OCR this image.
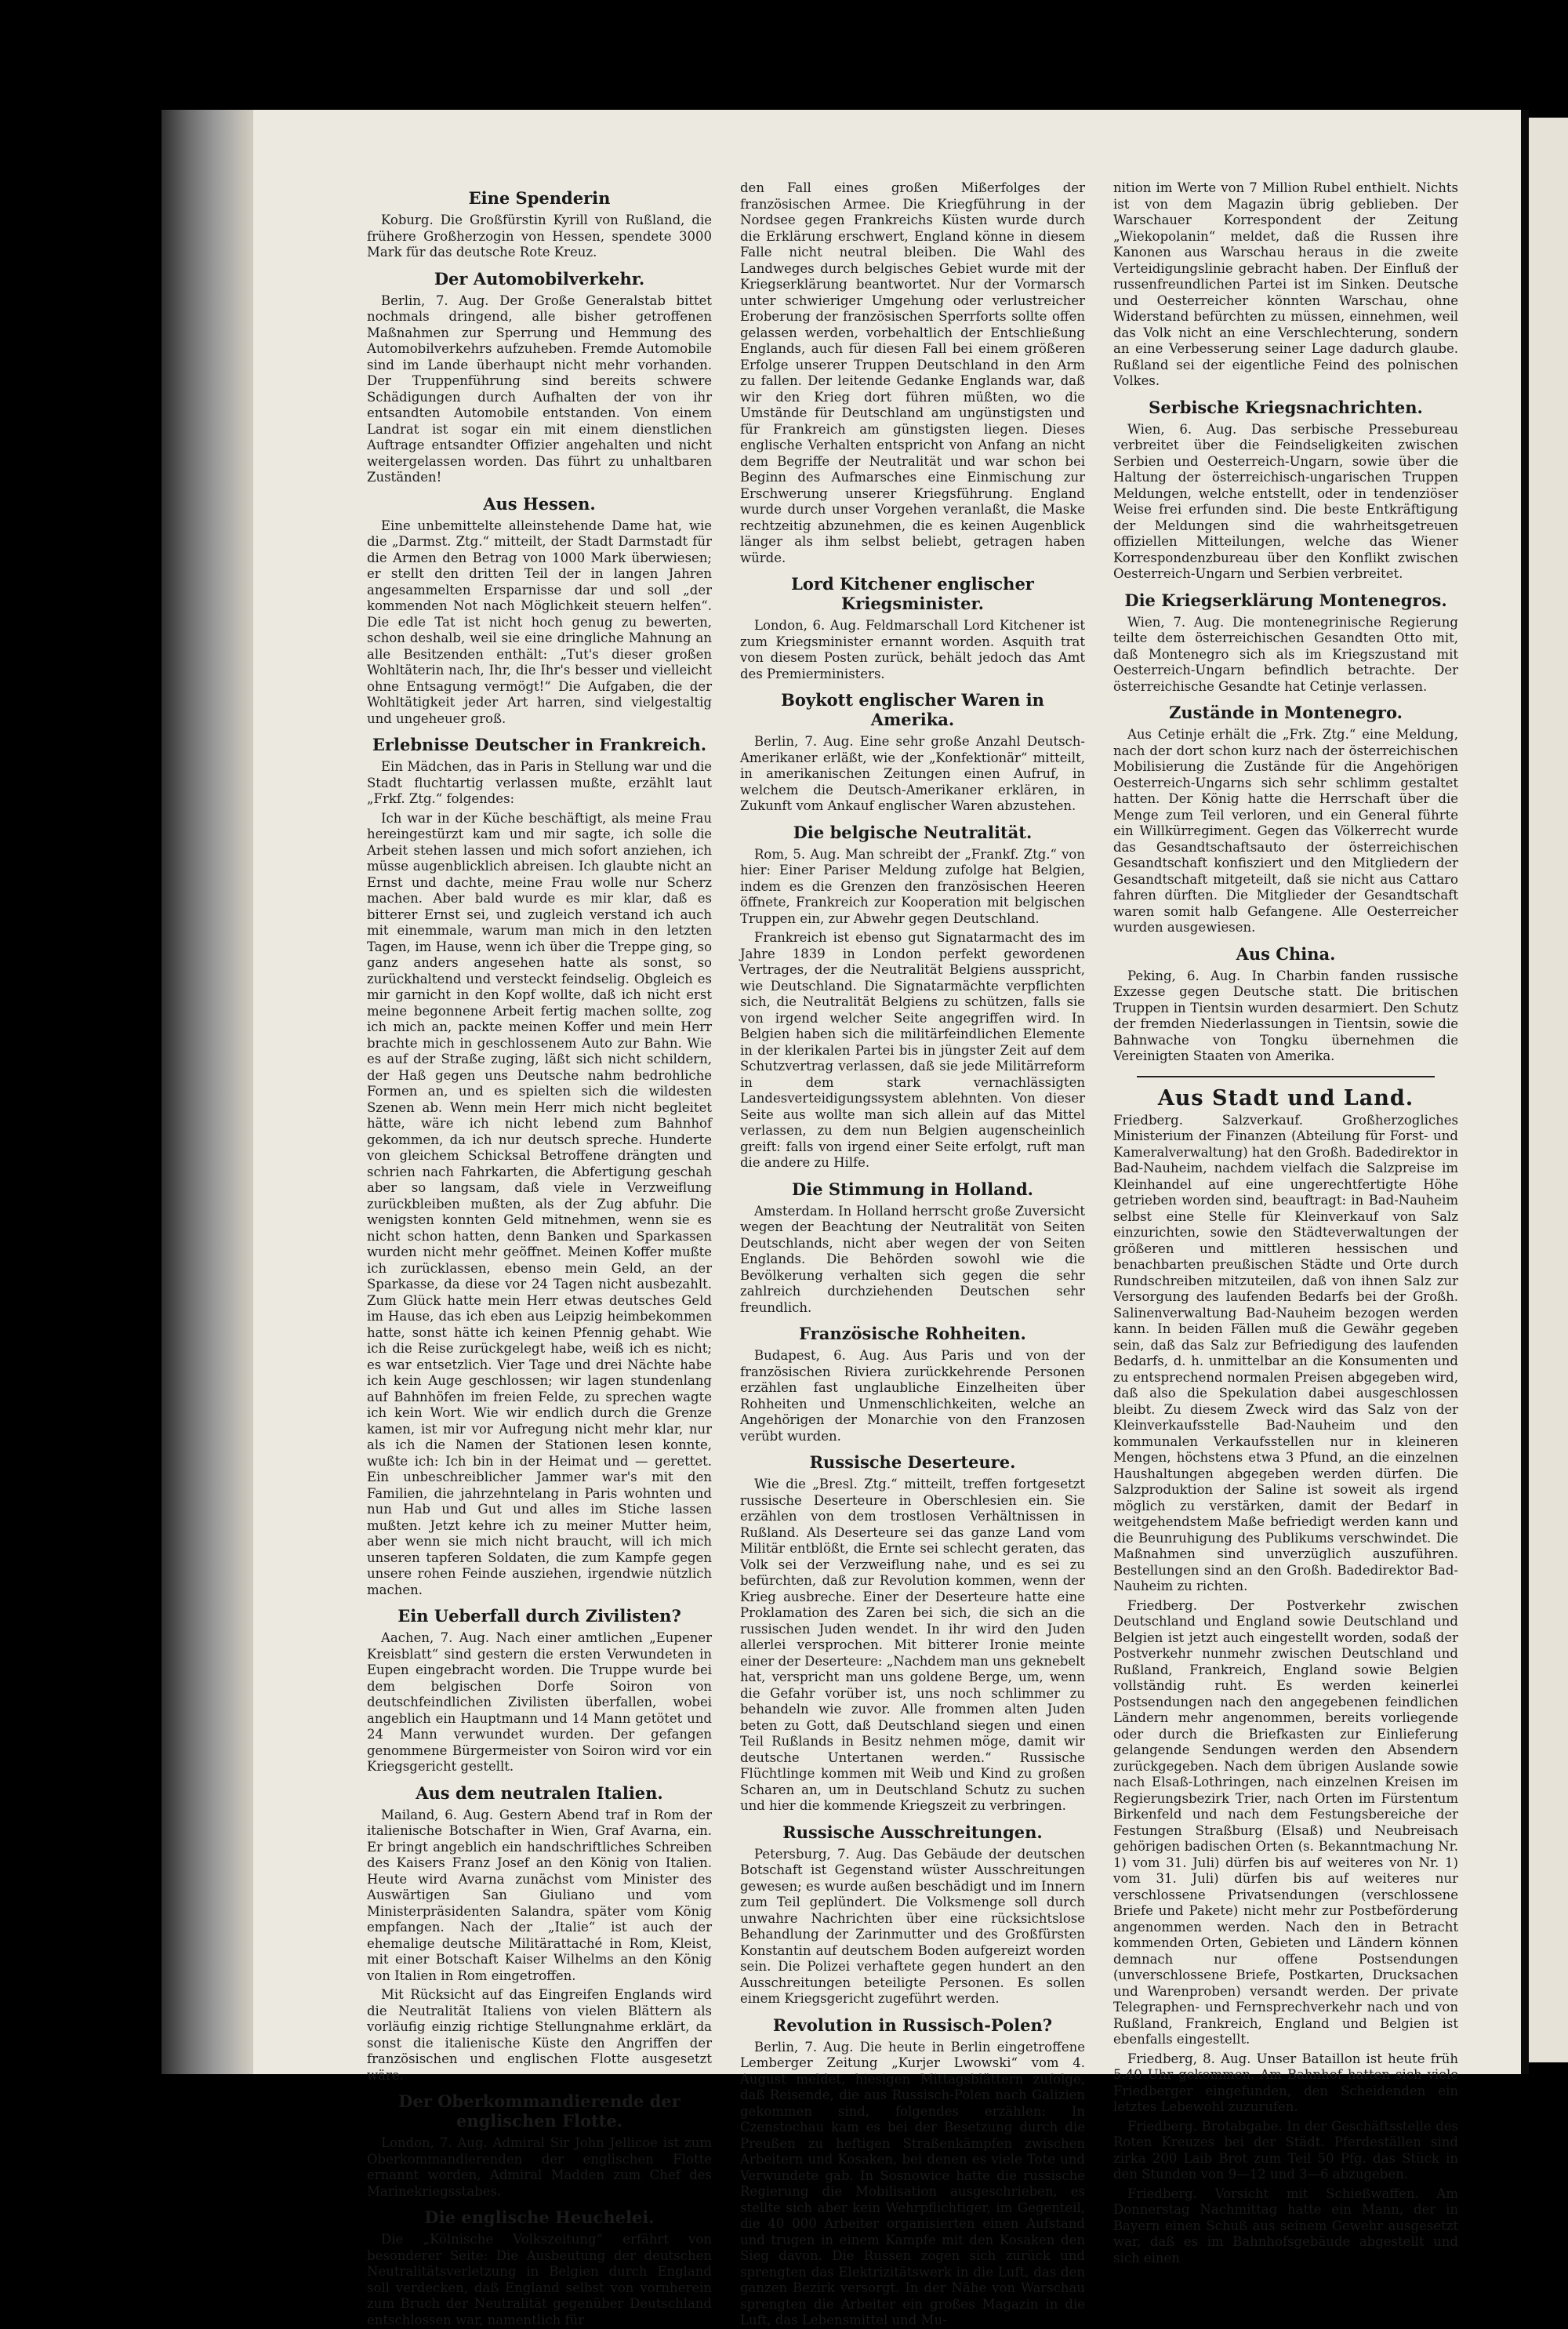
Eine Spenderin

Koburg. Die Großfürstin Kyrill von Rußland, die frühere Großherzogin von Hessen, spendete 3000 Mark für das deutsche Rote Kreuz.

Der Automobilverkehr.

Berlin, 7. Aug. Der Große Generalstab bittet nochmals dringend, alle bisher getroffenen Maßnahmen zur Sperrung und Hemmung des Automobilverkehrs aufzuheben. Fremde Automobile sind im Lande überhaupt nicht mehr vorhanden. Der Truppenführung sind bereits schwere Schädigungen durch Aufhalten der von ihr entsandten Automobile entstanden. Von einem Landrat ist sogar ein mit einem dienstlichen Auftrage entsandter Offizier angehalten und nicht weitergelassen worden. Das führt zu unhaltbaren Zuständen!

Aus Hessen.

Eine unbemittelte alleinstehende Dame hat, wie die „Darmst. Ztg.“ mitteilt, der Stadt Darmstadt für die Armen den Betrag von 1000 Mark überwiesen; er stellt den dritten Teil der in langen Jahren angesammelten Ersparnisse dar und soll „der kommenden Not nach Möglichkeit steuern helfen“. Die edle Tat ist nicht hoch genug zu bewerten, schon deshalb, weil sie eine dringliche Mahnung an alle Besitzenden enthält: „Tut's dieser großen Wohltäterin nach, Ihr, die Ihr's besser und vielleicht ohne Entsagung vermögt!“ Die Aufgaben, die der Wohltätigkeit jeder Art harren, sind vielgestaltig und ungeheuer groß.

Erlebnisse Deutscher in Frankreich.

Ein Mädchen, das in Paris in Stellung war und die Stadt fluchtartig verlassen mußte, erzählt laut „Frkf. Ztg.“ folgendes:

Ich war in der Küche beschäftigt, als meine Frau hereingestürzt kam und mir sagte, ich solle die Arbeit stehen lassen und mich sofort anziehen, ich müsse augenblicklich abreisen. Ich glaubte nicht an Ernst und dachte, meine Frau wolle nur Scherz machen. Aber bald wurde es mir klar, daß es bitterer Ernst sei, und zugleich verstand ich auch mit einemmale, warum man mich in den letzten Tagen, im Hause, wenn ich über die Treppe ging, so ganz anders angesehen hatte als sonst, so zurückhaltend und versteckt feindselig. Obgleich es mir garnicht in den Kopf wollte, daß ich nicht erst meine begonnene Arbeit fertig machen sollte, zog ich mich an, packte meinen Koffer und mein Herr brachte mich in geschlossenem Auto zur Bahn. Wie es auf der Straße zuging, läßt sich nicht schildern, der Haß gegen uns Deutsche nahm bedrohliche Formen an, und es spielten sich die wildesten Szenen ab. Wenn mein Herr mich nicht begleitet hätte, wäre ich nicht lebend zum Bahnhof gekommen, da ich nur deutsch spreche. Hunderte von gleichem Schicksal Betroffene drängten und schrien nach Fahrkarten, die Abfertigung geschah aber so langsam, daß viele in Verzweiflung zurückbleiben mußten, als der Zug abfuhr. Die wenigsten konnten Geld mitnehmen, wenn sie es nicht schon hatten, denn Banken und Sparkassen wurden nicht mehr geöffnet. Meinen Koffer mußte ich zurücklassen, ebenso mein Geld, an der Sparkasse, da diese vor 24 Tagen nicht ausbezahlt. Zum Glück hatte mein Herr etwas deutsches Geld im Hause, das ich eben aus Leipzig heimbekommen hatte, sonst hätte ich keinen Pfennig gehabt. Wie ich die Reise zurückgelegt habe, weiß ich es nicht; es war entsetzlich. Vier Tage und drei Nächte habe ich kein Auge geschlossen; wir lagen stundenlang auf Bahnhöfen im freien Felde, zu sprechen wagte ich kein Wort. Wie wir endlich durch die Grenze kamen, ist mir vor Aufregung nicht mehr klar, nur als ich die Namen der Stationen lesen konnte, wußte ich: Ich bin in der Heimat und — gerettet. Ein unbeschreiblicher Jammer war's mit den Familien, die jahrzehntelang in Paris wohnten und nun Hab und Gut und alles im Stiche lassen mußten. Jetzt kehre ich zu meiner Mutter heim, aber wenn sie mich nicht braucht, will ich mich unseren tapferen Soldaten, die zum Kampfe gegen unsere rohen Feinde ausziehen, irgendwie nützlich machen.

Ein Ueberfall durch Zivilisten?

Aachen, 7. Aug. Nach einer amtlichen „Eupener Kreisblatt“ sind gestern die ersten Verwundeten in Eupen eingebracht worden. Die Truppe wurde bei dem belgischen Dorfe Soiron von deutschfeindlichen Zivilisten überfallen, wobei angeblich ein Hauptmann und 14 Mann getötet und 24 Mann verwundet wurden. Der gefangen genommene Bürgermeister von Soiron wird vor ein Kriegsgericht gestellt.

Aus dem neutralen Italien.

Mailand, 6. Aug. Gestern Abend traf in Rom der italienische Botschafter in Wien, Graf Avarna, ein. Er bringt angeblich ein handschriftliches Schreiben des Kaisers Franz Josef an den König von Italien. Heute wird Avarna zunächst vom Minister des Auswärtigen San Giuliano und vom Ministerpräsidenten Salandra, später vom König empfangen. Nach der „Italie“ ist auch der ehemalige deutsche Militärattaché in Rom, Kleist, mit einer Botschaft Kaiser Wilhelms an den König von Italien in Rom eingetroffen.

Mit Rücksicht auf das Eingreifen Englands wird die Neutralität Italiens von vielen Blättern als vorläufig einzig richtige Stellungnahme erklärt, da sonst die italienische Küste den Angriffen der französischen und englischen Flotte ausgesetzt wäre.

Der Oberkommandierende der englischen Flotte.

London, 7. Aug. Admiral Sir John Jellicoe ist zum Oberkommandierenden der englischen Flotte ernannt worden, Admiral Madden zum Chef des Marinekriegsstabes.

Die englische Heuchelei.

Die „Kölnische Volkszeitung“ erfährt von besonderer Seite: Die Ausbeutung der deutschen Neutralitätsverletzung in Belgien durch England soll verdecken, daß England selbst von vornherein zum Bruch der Neutralität gegenüber Deutschland entschlossen war, namentlich für

den Fall eines großen Mißerfolges der französischen Armee. Die Kriegführung in der Nordsee gegen Frankreichs Küsten wurde durch die Erklärung erschwert, England könne in diesem Falle nicht neutral bleiben. Die Wahl des Landweges durch belgisches Gebiet wurde mit der Kriegserklärung beantwortet. Nur der Vormarsch unter schwieriger Umgehung oder verlustreicher Eroberung der französischen Sperrforts sollte offen gelassen werden, vorbehaltlich der Entschließung Englands, auch für diesen Fall bei einem größeren Erfolge unserer Truppen Deutschland in den Arm zu fallen. Der leitende Gedanke Englands war, daß wir den Krieg dort führen müßten, wo die Umstände für Deutschland am ungünstigsten und für Frankreich am günstigsten liegen. Dieses englische Verhalten entspricht von Anfang an nicht dem Begriffe der Neutralität und war schon bei Beginn des Aufmarsches eine Einmischung zur Erschwerung unserer Kriegsführung. England wurde durch unser Vorgehen veranlaßt, die Maske rechtzeitig abzunehmen, die es keinen Augenblick länger als ihm selbst beliebt, getragen haben würde.

Lord Kitchener englischer Kriegsminister.

London, 6. Aug. Feldmarschall Lord Kitchener ist zum Kriegsminister ernannt worden. Asquith trat von diesem Posten zurück, behält jedoch das Amt des Premierministers.

Boykott englischer Waren in Amerika.

Berlin, 7. Aug. Eine sehr große Anzahl Deutsch-Amerikaner erläßt, wie der „Konfektionär“ mitteilt, in amerikanischen Zeitungen einen Aufruf, in welchem die Deutsch-Amerikaner erklären, in Zukunft vom Ankauf englischer Waren abzustehen.

Die belgische Neutralität.

Rom, 5. Aug. Man schreibt der „Frankf. Ztg.“ von hier: Einer Pariser Meldung zufolge hat Belgien, indem es die Grenzen den französischen Heeren öffnete, Frankreich zur Kooperation mit belgischen Truppen ein, zur Abwehr gegen Deutschland.

Frankreich ist ebenso gut Signatarmacht des im Jahre 1839 in London perfekt gewordenen Vertrages, der die Neutralität Belgiens ausspricht, wie Deutschland. Die Signatarmächte verpflichten sich, die Neutralität Belgiens zu schützen, falls sie von irgend welcher Seite angegriffen wird. In Belgien haben sich die militärfeindlichen Elemente in der klerikalen Partei bis in jüngster Zeit auf dem Schutzvertrag verlassen, daß sie jede Militärreform in dem stark vernachlässigten Landesverteidigungssystem ablehnten. Von dieser Seite aus wollte man sich allein auf das Mittel verlassen, zu dem nun Belgien augenscheinlich greift: falls von irgend einer Seite erfolgt, ruft man die andere zu Hilfe.

Die Stimmung in Holland.

Amsterdam. In Holland herrscht große Zuversicht wegen der Beachtung der Neutralität von Seiten Deutschlands, nicht aber wegen der von Seiten Englands. Die Behörden sowohl wie die Bevölkerung verhalten sich gegen die sehr zahlreich durchziehenden Deutschen sehr freundlich.

Französische Rohheiten.

Budapest, 6. Aug. Aus Paris und von der französischen Riviera zurückkehrende Personen erzählen fast unglaubliche Einzelheiten über Rohheiten und Unmenschlichkeiten, welche an Angehörigen der Monarchie von den Franzosen verübt wurden.

Russische Deserteure.

Wie die „Bresl. Ztg.“ mitteilt, treffen fortgesetzt russische Deserteure in Oberschlesien ein. Sie erzählen von dem trostlosen Verhältnissen in Rußland. Als Deserteure sei das ganze Land vom Militär entblößt, die Ernte sei schlecht geraten, das Volk sei der Verzweiflung nahe, und es sei zu befürchten, daß zur Revolution kommen, wenn der Krieg ausbreche. Einer der Deserteure hatte eine Proklamation des Zaren bei sich, die sich an die russischen Juden wendet. In ihr wird den Juden allerlei versprochen. Mit bitterer Ironie meinte einer der Deserteure: „Nachdem man uns geknebelt hat, verspricht man uns goldene Berge, um, wenn die Gefahr vorüber ist, uns noch schlimmer zu behandeln wie zuvor. Alle frommen alten Juden beten zu Gott, daß Deutschland siegen und einen Teil Rußlands in Besitz nehmen möge, damit wir deutsche Untertanen werden.“ Russische Flüchtlinge kommen mit Weib und Kind zu großen Scharen an, um in Deutschland Schutz zu suchen und hier die kommende Kriegszeit zu verbringen.

Russische Ausschreitungen.

Petersburg, 7. Aug. Das Gebäude der deutschen Botschaft ist Gegenstand wüster Ausschreitungen gewesen; es wurde außen beschädigt und im Innern zum Teil geplündert. Die Volksmenge soll durch unwahre Nachrichten über eine rücksichtslose Behandlung der Zarinmutter und des Großfürsten Konstantin auf deutschem Boden aufgereizt worden sein. Die Polizei verhaftete gegen hundert an den Ausschreitungen beteiligte Personen. Es sollen einem Kriegsgericht zugeführt werden.

Revolution in Russisch-Polen?

Berlin, 7. Aug. Die heute in Berlin eingetroffene Lemberger Zeitung „Kurjer Lwowski“ vom 4. August meldet, hiesigen Mittagsblättern zufolge, daß Reisende, die aus Russisch-Polen nach Galizien gekommen sind, folgendes erzählen: In Czenstochau kam es bei der Besetzung durch die Preußen zu heftigen Straßenkämpfen zwischen Arbeitern und Kosaken, bei denen es viele Tote und Verwundete gab. In Sosnowice hatte die russische Regierung die Mobilisation ausgeschrieben, es stellte sich aber kein Wehrpflichtiger, im Gegenteil, die 40 000 Arbeiter organisierten einen Aufstand und trugen in einem Kampfe mit den Kosaken den Sieg davon. Die Russen zogen sich zurück und sprengten das Elektrizitätswerk in die Luft, das den ganzen Bezirk versorgt. In der Nähe von Warschau sprengten die Arbeiter ein großes Magazin in die Luft, das Lebensmittel und Mu-

nition im Werte von 7 Million Rubel enthielt. Nichts ist von dem Magazin übrig geblieben. Der Warschauer Korrespondent der Zeitung „Wiekopolanin“ meldet, daß die Russen ihre Kanonen aus Warschau heraus in die zweite Verteidigungslinie gebracht haben. Der Einfluß der russenfreundlichen Partei ist im Sinken. Deutsche und Oesterreicher könnten Warschau, ohne Widerstand befürchten zu müssen, einnehmen, weil das Volk nicht an eine Verschlechterung, sondern an eine Verbesserung seiner Lage dadurch glaube. Rußland sei der eigentliche Feind des polnischen Volkes.

Serbische Kriegsnachrichten.

Wien, 6. Aug. Das serbische Pressebureau verbreitet über die Feindseligkeiten zwischen Serbien und Oesterreich-Ungarn, sowie über die Haltung der österreichisch-ungarischen Truppen Meldungen, welche entstellt, oder in tendenziöser Weise frei erfunden sind. Die beste Entkräftigung der Meldungen sind die wahrheitsgetreuen offiziellen Mitteilungen, welche das Wiener Korrespondenzbureau über den Konflikt zwischen Oesterreich-Ungarn und Serbien verbreitet.

Die Kriegserklärung Montenegros.

Wien, 7. Aug. Die montenegrinische Regierung teilte dem österreichischen Gesandten Otto mit, daß Montenegro sich als im Kriegszustand mit Oesterreich-Ungarn befindlich betrachte. Der österreichische Gesandte hat Cetinje verlassen.

Zustände in Montenegro.

Aus Cetinje erhält die „Frk. Ztg.“ eine Meldung, nach der dort schon kurz nach der österreichischen Mobilisierung die Zustände für die Angehörigen Oesterreich-Ungarns sich sehr schlimm gestaltet hatten. Der König hatte die Herrschaft über die Menge zum Teil verloren, und ein General führte ein Willkürregiment. Gegen das Völkerrecht wurde das Gesandtschaftsauto der österreichischen Gesandtschaft konfisziert und den Mitgliedern der Gesandtschaft mitgeteilt, daß sie nicht aus Cattaro fahren dürften. Die Mitglieder der Gesandtschaft waren somit halb Gefangene. Alle Oesterreicher wurden ausgewiesen.

Aus China.

Peking, 6. Aug. In Charbin fanden russische Exzesse gegen Deutsche statt. Die britischen Truppen in Tientsin wurden desarmiert. Den Schutz der fremden Niederlassungen in Tientsin, sowie die Bahnwache von Tongku übernehmen die Vereinigten Staaten von Amerika.

Aus Stadt und Land.

Friedberg. Salzverkauf. Großherzogliches Ministerium der Finanzen (Abteilung für Forst- und Kameralverwaltung) hat den Großh. Badedirektor in Bad-Nauheim, nachdem vielfach die Salzpreise im Kleinhandel auf eine ungerechtfertigte Höhe getrieben worden sind, beauftragt: in Bad-Nauheim selbst eine Stelle für Kleinverkauf von Salz einzurichten, sowie den Städteverwaltungen der größeren und mittleren hessischen und benachbarten preußischen Städte und Orte durch Rundschreiben mitzuteilen, daß von ihnen Salz zur Versorgung des laufenden Bedarfs bei der Großh. Salinenverwaltung Bad-Nauheim bezogen werden kann. In beiden Fällen muß die Gewähr gegeben sein, daß das Salz zur Befriedigung des laufenden Bedarfs, d. h. unmittelbar an die Konsumenten und zu entsprechend normalen Preisen abgegeben wird, daß also die Spekulation dabei ausgeschlossen bleibt. Zu diesem Zweck wird das Salz von der Kleinverkaufsstelle Bad-Nauheim und den kommunalen Verkaufsstellen nur in kleineren Mengen, höchstens etwa 3 Pfund, an die einzelnen Haushaltungen abgegeben werden dürfen. Die Salzproduktion der Saline ist soweit als irgend möglich zu verstärken, damit der Bedarf in weitgehendstem Maße befriedigt werden kann und die Beunruhigung des Publikums verschwindet. Die Maßnahmen sind unverzüglich auszuführen. Bestellungen sind an den Großh. Badedirektor Bad-Nauheim zu richten.

Friedberg. Der Postverkehr zwischen Deutschland und England sowie Deutschland und Belgien ist jetzt auch eingestellt worden, sodaß der Postverkehr nunmehr zwischen Deutschland und Rußland, Frankreich, England sowie Belgien vollständig ruht. Es werden keinerlei Postsendungen nach den angegebenen feindlichen Ländern mehr angenommen, bereits vorliegende oder durch die Briefkasten zur Einlieferung gelangende Sendungen werden den Absendern zurückgegeben. Nach dem übrigen Auslande sowie nach Elsaß-Lothringen, nach einzelnen Kreisen im Regierungsbezirk Trier, nach Orten im Fürstentum Birkenfeld und nach dem Festungsbereiche der Festungen Straßburg (Elsaß) und Neubreisach gehörigen badischen Orten (s. Bekanntmachung Nr. 1) vom 31. Juli) dürfen bis auf weiteres von Nr. 1) vom 31. Juli) dürfen bis auf weiteres nur verschlossene Privatsendungen (verschlossene Briefe und Pakete) nicht mehr zur Postbeförderung angenommen werden. Nach den in Betracht kommenden Orten, Gebieten und Ländern können demnach nur offene Postsendungen (unverschlossene Briefe, Postkarten, Drucksachen und Warenproben) versandt werden. Der private Telegraphen- und Fernsprechverkehr nach und von Rußland, Frankreich, England und Belgien ist ebenfalls eingestellt.

Friedberg, 8. Aug. Unser Bataillon ist heute früh 5.40 Uhr gekommen. Am Bahnhof hatten sich viele Friedberger eingefunden, den Scheidenden ein letztes Lebewohl zuzurufen.

Friedberg. Brotabgabe. In der Geschäftsstelle des Roten Kreuzes bei der Städt. Pferdeställen sind zirka 200 Laib Brot zum Teil 50 Pfg. das Stück in den Stunden von 9—12 und 3—6 abzugeben.

Friedberg. Vorsicht mit Schießwaffen. Am Donnerstag Nachmittag hatte ein Mann, der in Bayern einen Schuß aus seinem Gewehr ausgesetzt war, daß es im Bahnhofsgebäude abgestellt und sich einen
